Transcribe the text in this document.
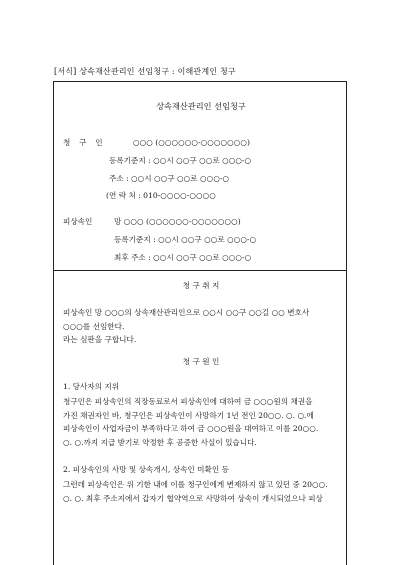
[서식] 상속재산관리인 선임청구 : 이해관계인 청구
상속재산관리인 선임청구
청 구 인	○○○ (○○○○○○-○○○○○○○)
등록기준지 : ○○시 ○○구 ○○로 ○○○-○
주소 : ○○시 ○○구 ○○로 ○○○-○
(연 락 처 : 010-○○○○-○○○○
피상속인	망 ○○○ (○○○○○○-○○○○○○○)
등록기준지 : ○○시 ○○구 ○○로 ○○○-○
최후 주소 : ○○시 ○○구 ○○로 ○○○-○
청 구 취 지
피상속인 망 ○○○의 상속재산관리인으로 ○○시 ○○구 ○○길 ○○ 변호사
○○○를 선임한다.
라는 심판을 구합니다.
청 구 원 인
1. 당사자의 지위
청구인은 피상속인의 직장동료로서 피상속인에 대하여 금 ○○○원의 채권을
가진 채권자인 바, 청구인은 피상속인이 사망하기 1년 전인 20○○. ○. ○.에
피상속인이 사업자금이 부족하다고 하여 금 ○○○원을 대여하고 이를 20○○.
○. ○.까지 지급 받기로 약정한 후 공증한 사실이 있습니다.
2. 피상속인의 사망 및 상속개시, 상속인 미확인 등
그런데 피상속인은 위 기한 내에 이를 청구인에게 변제하지 않고 있던 중 20○○.
○. ○. 최후 주소지에서 갑자기 협약역으로 사망하여 상속이 개시되었으나 피상
